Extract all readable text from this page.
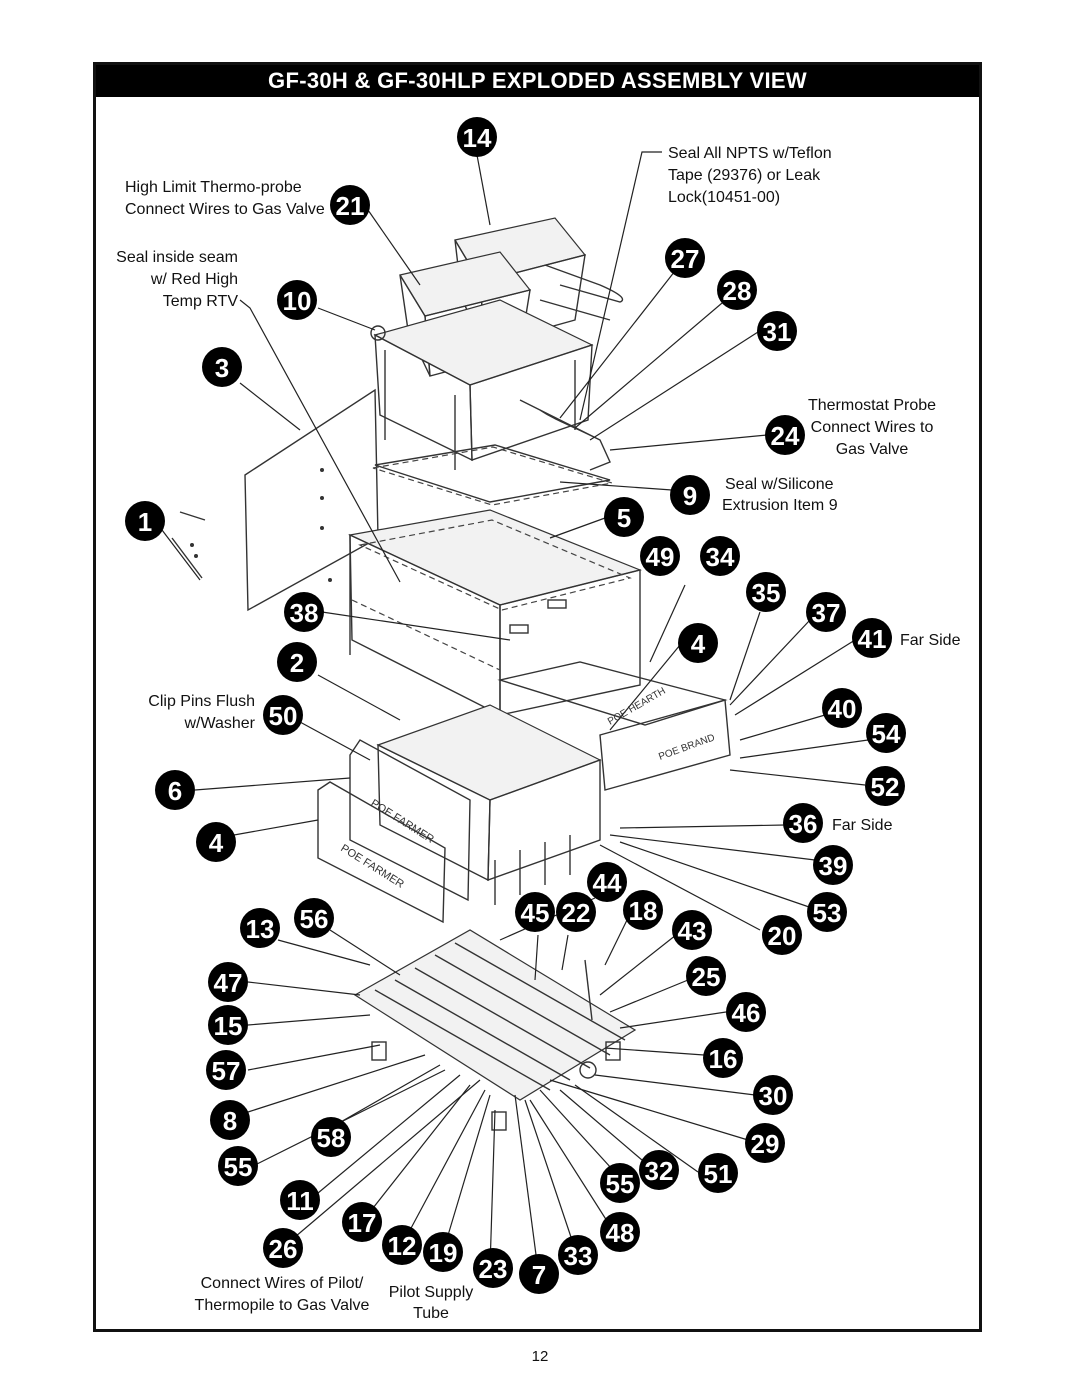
GF-30H & GF-30HLP EXPLODED ASSEMBLY VIEW
POE HEARTH
POE BRAND
POE FARMER
POE FARMER
High Limit Thermo-probe
Connect Wires to Gas Valve
Seal inside seam
w/ Red High
Temp RTV
Seal All NPTS w/Teflon
Tape (29376) or Leak
Lock(10451-00)
Thermostat Probe
Connect Wires to
Gas Valve
Seal w/Silicone
Extrusion Item 9
Far Side
Far Side
Clip Pins Flush
w/Washer
Connect Wires of Pilot/
Thermopile to Gas Valve
Pilot Supply
Tube
14
21
10
3
27
28
31
24
9
1	5
49 34
35
37
38
4	41
2
40
50
54
6	52
4
36
39
44
13 56	45 22 18
43 20
53
47	25
15	46
57	16
8
30
58	29
55
55 32 51
11
17	48
26	12 19
23 7
33
12
